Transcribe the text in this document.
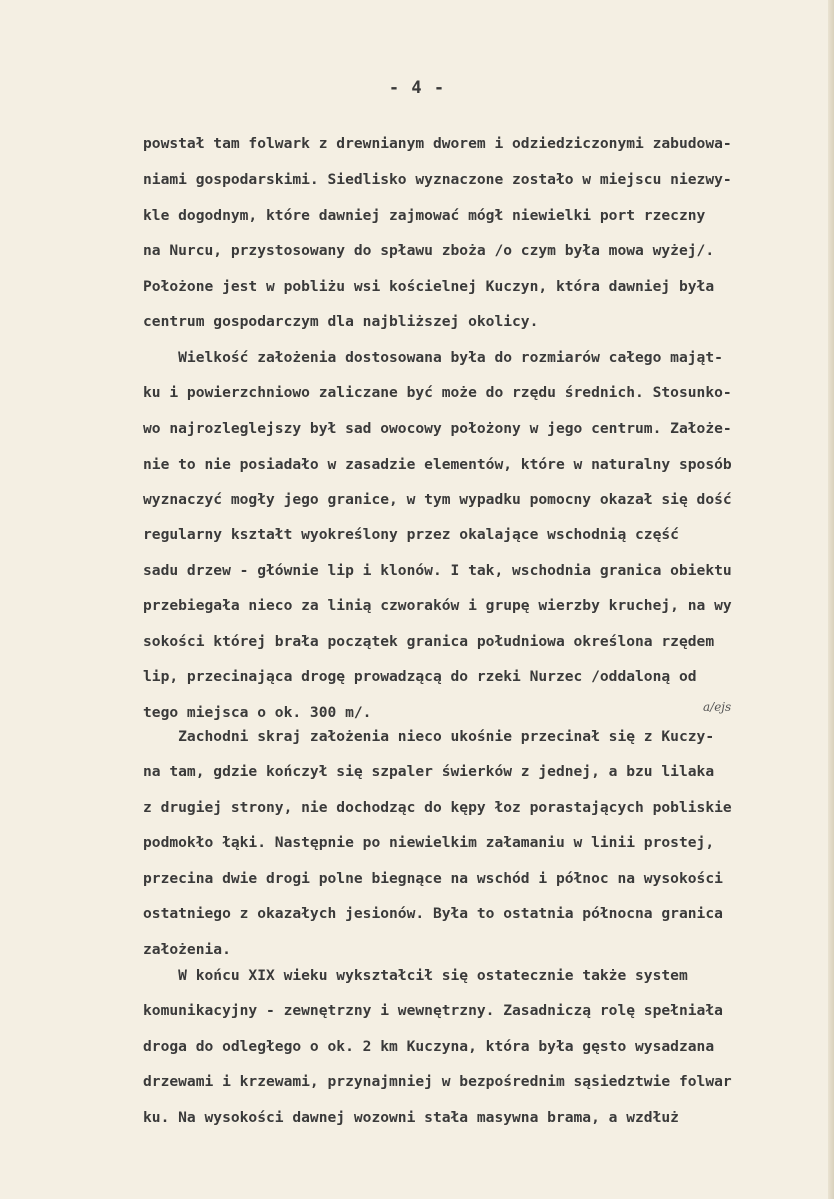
- 4 -
powstał tam folwark z drewnianym dworem i odziedziczonymi zabudowa-
niami gospodarskimi. Siedlisko wyznaczone zostało w miejscu niezwy-
kle dogodnym, które dawniej zajmować mógł niewielki port rzeczny
na Nurcu, przystosowany do spławu zboża /o czym była mowa wyżej/.
Położone jest w pobliżu wsi kościelnej Kuczyn, która dawniej była
centrum gospodarczym dla najbliższej okolicy.
Wielkość założenia dostosowana była do rozmiarów całego mająt-
ku i powierzchniowo zaliczane być może do rzędu średnich. Stosunko-
wo najrozleglejszy był sad owocowy położony w jego centrum. Założe-
nie to nie posiadało w zasadzie elementów, które w naturalny sposób
wyznaczyć mogły jego granice, w tym wypadku pomocny okazał się dość
regularny kształt wyokreślony przez okalające wschodnią część
sadu drzew - głównie lip i klonów. I tak, wschodnia granica obiektu
przebiegała nieco za linią czworaków i grupę wierzby kruchej, na wy
sokości której brała początek granica południowa określona rzędem
lip, przecinająca drogę prowadzącą do rzeki Nurzec /oddaloną od
tego miejsca o ok. 300 m/.
Zachodni skraj założenia nieco ukośnie przecinał się z Kuczy-
na tam, gdzie kończył się szpaler świerków z jednej, a bzu lilaka
z drugiej strony, nie dochodząc do kępy łoz porastających pobliskie
podmokło łąki. Następnie po niewielkim załamaniu w linii prostej,
przecina dwie drogi polne biegnące na wschód i północ na wysokości
ostatniego z okazałych jesionów. Była to ostatnia północna granica
założenia.
W końcu XIX wieku wykształcił się ostatecznie także system
komunikacyjny - zewnętrzny i wewnętrzny. Zasadniczą rolę spełniała
droga do odległego o ok. 2 km Kuczyna, która była gęsto wysadzana
drzewami i krzewami, przynajmniej w bezpośrednim sąsiedztwie folwar
ku. Na wysokości dawnej wozowni stała masywna brama, a wzdłuż
a/ejs
